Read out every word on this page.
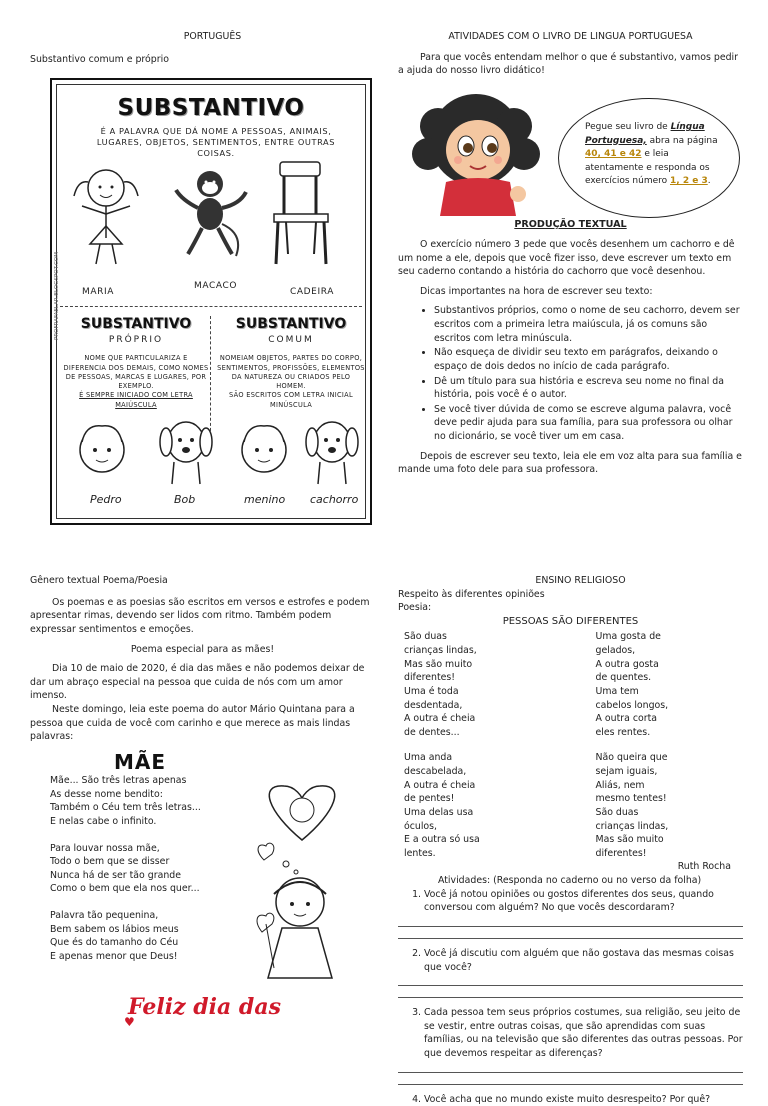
PORTUGUÊS
Substantivo comum e próprio
SUBSTANTIVO
É A PALAVRA QUE DÁ NOME A PESSOAS, ANIMAIS, LUGARES, OBJETOS, SENTIMENTOS, ENTRE OUTRAS COISAS.
PROFRAFAELAR.BLOGSPOT.COM	MARIA
MACACO
CADEIRA
SUBSTANTIVO
PRÓPRIO
NOME QUE PARTICULARIZA E DIFERENCIA DOS DEMAIS, COMO NOMES DE PESSOAS, MARCAS E LUGARES, POR EXEMPLO.
É SEMPRE INICIADO COM LETRA MAIÚSCULA
SUBSTANTIVO
COMUM
NOMEIAM OBJETOS, PARTES DO CORPO, SENTIMENTOS, PROFISSÕES, ELEMENTOS DA NATUREZA OU CRIADOS PELO HOMEM.
SÃO ESCRITOS COM LETRA INICIAL MINÚSCULA
Pedro	Bob	menino cachorro
ATIVIDADES COM O LIVRO DE LINGUA PORTUGUESA

Para que vocês entendam melhor o que é substantivo, vamos pedir a ajuda do nosso livro didático!

Pegue seu livro de Língua Portuguesa, abra na página 40, 41 e 42 e leia atentamente e responda os exercícios número 1, 2 e 3.
PRODUÇÃO TEXTUAL

O exercício número 3 pede que vocês desenhem um cachorro e dê um nome a ele, depois que você fizer isso, deve escrever um texto em seu caderno contando a história do cachorro que você desenhou.

Dicas importantes na hora de escrever seu texto:

• Substantivos próprios, como o nome de seu cachorro, devem ser escritos com a primeira letra maiúscula, já os comuns são escritos com letra minúscula.
• Não esqueça de dividir seu texto em parágrafos, deixando o espaço de dois dedos no início de cada parágrafo.
• Dê um título para sua história e escreva seu nome no final da história, pois você é o autor.
• Se você tiver dúvida de como se escreve alguma palavra, você deve pedir ajuda para sua família, para sua professora ou olhar no dicionário, se você tiver um em casa.

Depois de escrever seu texto, leia ele em voz alta para sua família e mande uma foto dele para sua professora.

Gênero textual Poema/Poesia

Os poemas e as poesias são escritos em versos e estrofes e podem apresentar rimas, devendo ser lidos com ritmo. Também podem expressar sentimentos e emoções.

Poema especial para as mães!

Dia 10 de maio de 2020, é dia das mães e não podemos deixar de dar um abraço especial na pessoa que cuida de nós com um amor imenso.

Neste domingo, leia este poema do autor Mário Quintana para a pessoa que cuida de você com carinho e que merece as mais lindas palavras:

MÃE
Mãe... São três letras apenas
As desse nome bendito:
Também o Céu tem três letras...
E nelas cabe o infinito.
Para louvar nossa mãe,
Todo o bem que se disser
Nunca há de ser tão grande
Como o bem que ela nos quer...
Palavra tão pequenina,
Bem sabem os lábios meus
Que és do tamanho do Céu
E apenas menor que Deus!
Feliz dia das
♥
ENSINO RELIGIOSO
Respeito às diferentes opiniões
Poesia:
PESSOAS SÃO DIFERENTES
São duas crianças lindas,
Mas são muito diferentes!
Uma é toda desdentada,
A outra é cheia de dentes...
Uma gosta de gelados,
A outra gosta de quentes.
Uma tem cabelos longos,
A outra corta eles rentes.
Uma anda descabelada,
A outra é cheia de pentes!
Uma delas usa óculos,
E a outra só usa lentes.
Não queira que sejam iguais,
Aliás, nem mesmo tentes!
São duas crianças lindas,
Mas são muito diferentes!
Ruth Rocha
Atividades: (Responda no caderno ou no verso da folha)
1. Você já notou opiniões ou gostos diferentes dos seus, quando conversou com alguém? No que vocês descordaram?
2. Você já discutiu com alguém que não gostava das mesmas coisas que você?
3. Cada pessoa tem seus próprios costumes, sua religião, seu jeito de se vestir, entre outras coisas, que são aprendidas com suas famílias, ou na televisão que são diferentes das outras pessoas. Por que devemos respeitar as diferenças?
4. Você acha que no mundo existe muito desrespeito? Por quê?
